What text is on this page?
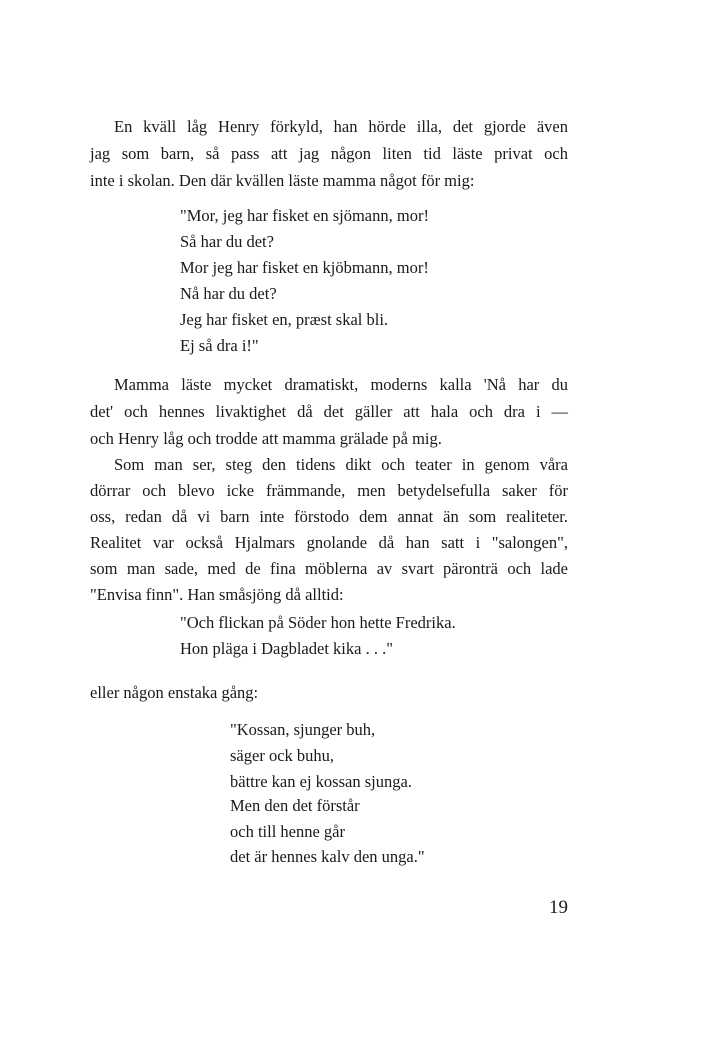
En kväll låg Henry förkyld, han hörde illa, det gjorde även
jag som barn, så pass att jag någon liten tid läste privat och
inte i skolan. Den där kvällen läste mamma något för mig:
"Mor, jeg har fisket en sjömann, mor!
Så har du det?
Mor jeg har fisket en kjöbmann, mor!
Nå har du det?
Jeg har fisket en, præst skal bli.
Ej så dra i!"
Mamma läste mycket dramatiskt, moderns kalla 'Nå har du
det' och hennes livaktighet då det gäller att hala och dra i —
och Henry låg och trodde att mamma grälade på mig.
Som man ser, steg den tidens dikt och teater in genom våra
dörrar och blevo icke främmande, men betydelsefulla saker för
oss, redan då vi barn inte förstodo dem annat än som realiteter.
Realitet var också Hjalmars gnolande då han satt i "salongen",
som man sade, med de fina möblerna av svart päronträ och lade
"Envisa finn". Han småsjöng då alltid:
"Och flickan på Söder hon hette Fredrika.
Hon pläga i Dagbladet kika . . ."
eller någon enstaka gång:
"Kossan, sjunger buh,
säger ock buhu,
bättre kan ej kossan sjunga.
Men den det förstår
och till henne går
det är hennes kalv den unga."
19
